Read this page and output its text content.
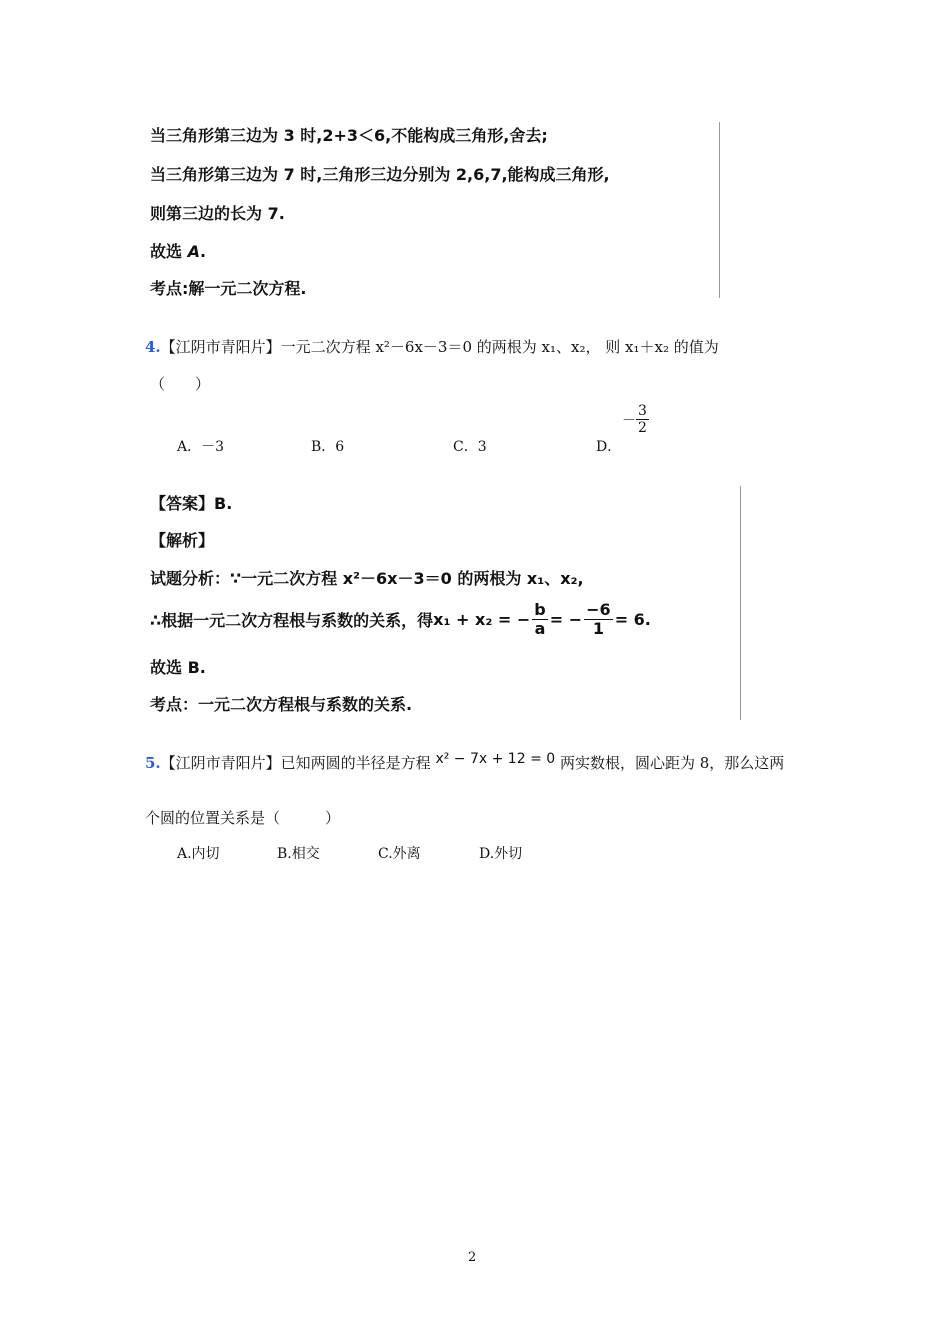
当三角形第三边为 3 时,2+3＜6,不能构成三角形,舍去;
当三角形第三边为 7 时,三角形三边分别为 2,6,7,能构成三角形,
则第三边的长为 7.
故选 A.
考点:解一元二次方程.
4.【江阴市青阳片】一元二次方程 x²－6x－3＝0 的两根为 x₁、x₂， 则 x₁＋x₂ 的值为
（　　）
A．－3	B．6	C．3	D．
－ $\frac{3}{2}$
【答案】B.
【解析】
试题分析：∵一元二次方程 x²－6x－3＝0 的两根为 x₁、x₂,
∴根据一元二次方程根与系数的关系，得 x₁ + x₂ = − $\frac{b}{a}$ = − $\frac{-6}{1} = 6$ .
故选 B.
考点：一元二次方程根与系数的关系.
5.【江阴市青阳片】已知两圆的半径是方程 x² − 7x + 12 = 0 两实数根，圆心距为 8，那么这两
个圆的位置关系是（　　　）
A.内切	B.相交	C.外离	D.外切
2
